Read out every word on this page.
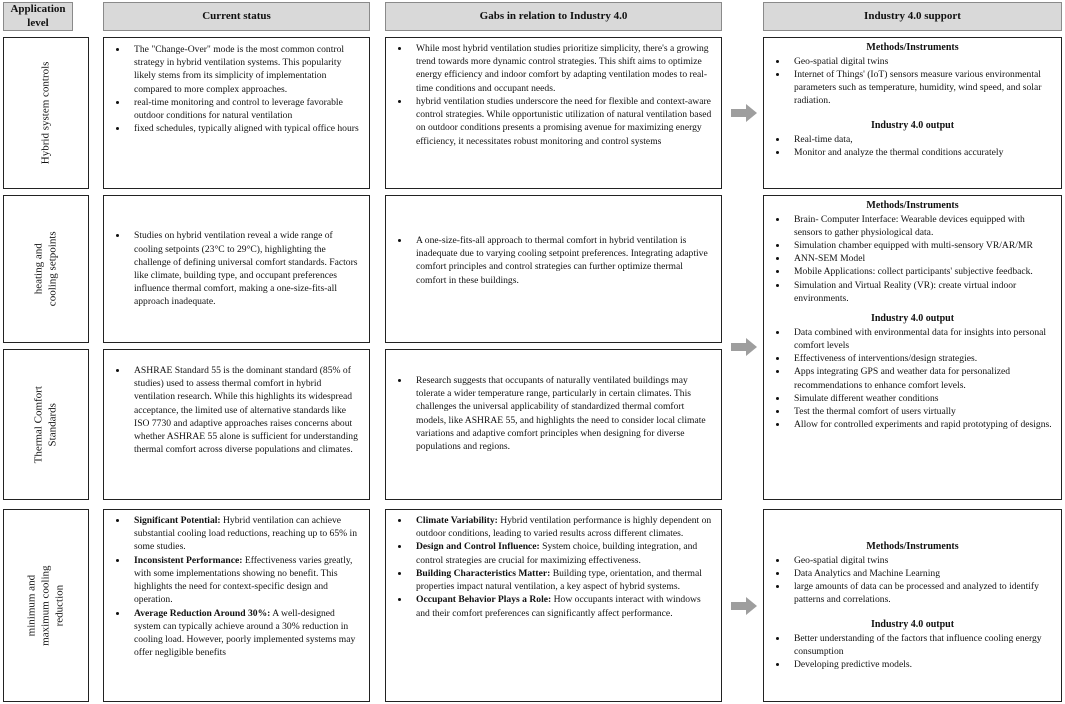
Application level
Current status	Gabs in relation to Industry 4.0	Industry 4.0 support
Hybrid system controls
heating and cooling setpoints
Thermal Comfort Standards
minimum and maximum cooling reduction
• The "Change-Over" mode is the most common control strategy in hybrid ventilation systems. This popularity likely stems from its simplicity of implementation compared to more complex approaches.
• real-time monitoring and control to leverage favorable outdoor conditions for natural ventilation
• fixed schedules, typically aligned with typical office hours
• Studies on hybrid ventilation reveal a wide range of cooling setpoints (23°C to 29°C), highlighting the challenge of defining universal comfort standards. Factors like climate, building type, and occupant preferences influence thermal comfort, making a one-size-fits-all approach inadequate.
• ASHRAE Standard 55 is the dominant standard (85% of studies) used to assess thermal comfort in hybrid ventilation research. While this highlights its widespread acceptance, the limited use of alternative standards like ISO 7730 and adaptive approaches raises concerns about whether ASHRAE 55 alone is sufficient for understanding thermal comfort across diverse populations and climates.
• Significant Potential: Hybrid ventilation can achieve substantial cooling load reductions, reaching up to 65% in some studies.
• Inconsistent Performance: Effectiveness varies greatly, with some implementations showing no benefit. This highlights the need for context-specific design and operation.
• Average Reduction Around 30%: A well-designed system can typically achieve around a 30% reduction in cooling load. However, poorly implemented systems may offer negligible benefits
• While most hybrid ventilation studies prioritize simplicity, there's a growing trend towards more dynamic control strategies. This shift aims to optimize energy efficiency and indoor comfort by adapting ventilation modes to real-time conditions and occupant needs.
• hybrid ventilation studies underscore the need for flexible and context-aware control strategies. While opportunistic utilization of natural ventilation based on outdoor conditions presents a promising avenue for maximizing energy efficiency, it necessitates robust monitoring and control systems
• A one-size-fits-all approach to thermal comfort in hybrid ventilation is inadequate due to varying cooling setpoint preferences. Integrating adaptive comfort principles and control strategies can further optimize thermal comfort in these buildings.
• Research suggests that occupants of naturally ventilated buildings may tolerate a wider temperature range, particularly in certain climates. This challenges the universal applicability of standardized thermal comfort models, like ASHRAE 55, and highlights the need to consider local climate variations and adaptive comfort principles when designing for diverse populations and regions.
• Climate Variability: Hybrid ventilation performance is highly dependent on outdoor conditions, leading to varied results across different climates.
• Design and Control Influence: System choice, building integration, and control strategies are crucial for maximizing effectiveness.
• Building Characteristics Matter: Building type, orientation, and thermal properties impact natural ventilation, a key aspect of hybrid systems.
• Occupant Behavior Plays a Role: How occupants interact with windows and their comfort preferences can significantly affect performance.
Methods/Instruments
• Geo-spatial digital twins
• Internet of Things' (IoT) sensors measure various environmental parameters such as temperature, humidity, wind speed, and solar radiation.
Industry 4.0 output
• Real-time data,
• Monitor and analyze the thermal conditions accurately
Methods/Instruments
• Brain- Computer Interface: Wearable devices equipped with sensors to gather physiological data.
• Simulation chamber equipped with multi-sensory VR/AR/MR
• ANN-SEM Model
• Mobile Applications: collect participants' subjective feedback.
• Simulation and Virtual Reality (VR): create virtual indoor environments.
Industry 4.0 output
• Data combined with environmental data for insights into personal comfort levels
• Effectiveness of interventions/design strategies.
• Apps integrating GPS and weather data for personalized recommendations to enhance comfort levels.
• Simulate different weather conditions
• Test the thermal comfort of users virtually
• Allow for controlled experiments and rapid prototyping of designs.
Methods/Instruments
• Geo-spatial digital twins
• Data Analytics and Machine Learning
• large amounts of data can be processed and analyzed to identify patterns and correlations.
Industry 4.0 output
• Better understanding of the factors that influence cooling energy consumption
• Developing predictive models.
